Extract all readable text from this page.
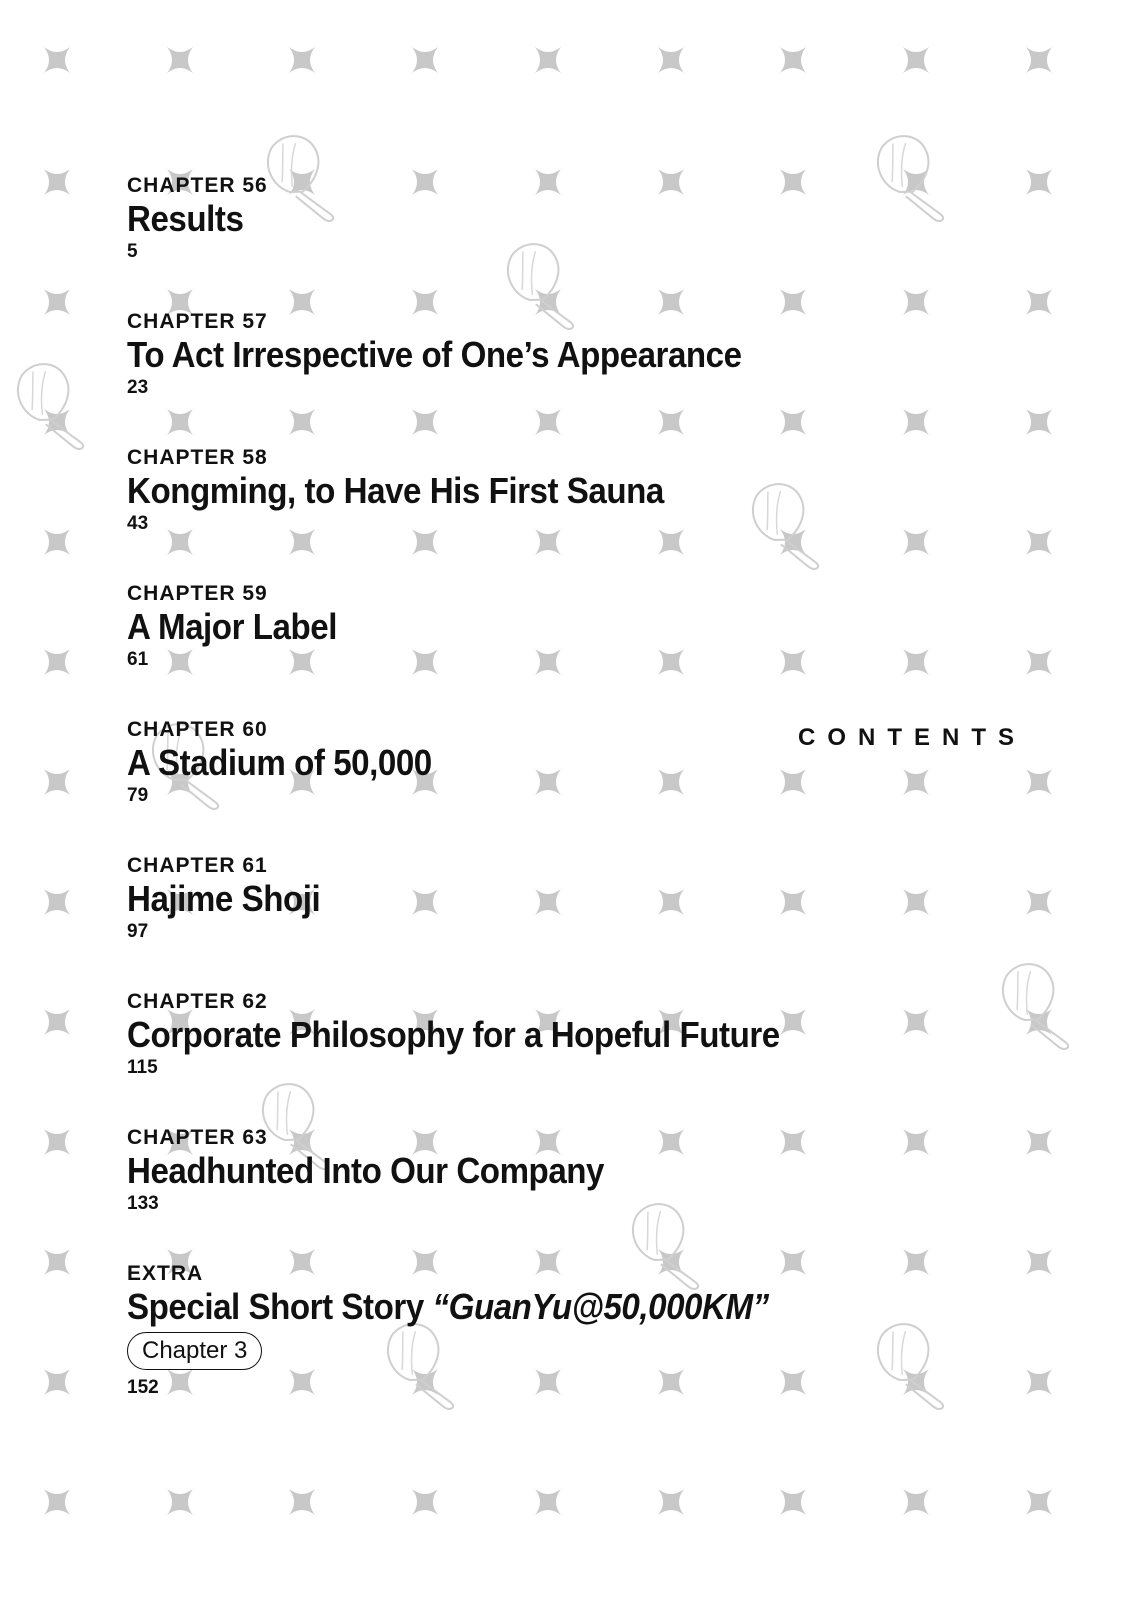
CONTENTS
CHAPTER 56
Results
5
CHAPTER 57
To Act Irrespective of One’s Appearance
23
CHAPTER 58
Kongming, to Have His First Sauna
43
CHAPTER 59
A Major Label
61
CHAPTER 60
A Stadium of 50,000
79
CHAPTER 61
Hajime Shoji
97
CHAPTER 62
Corporate Philosophy for a Hopeful Future
115
CHAPTER 63
Headhunted Into Our Company
133
EXTRA
Special Short Story “GuanYu@50,000KM”
Chapter 3
152
